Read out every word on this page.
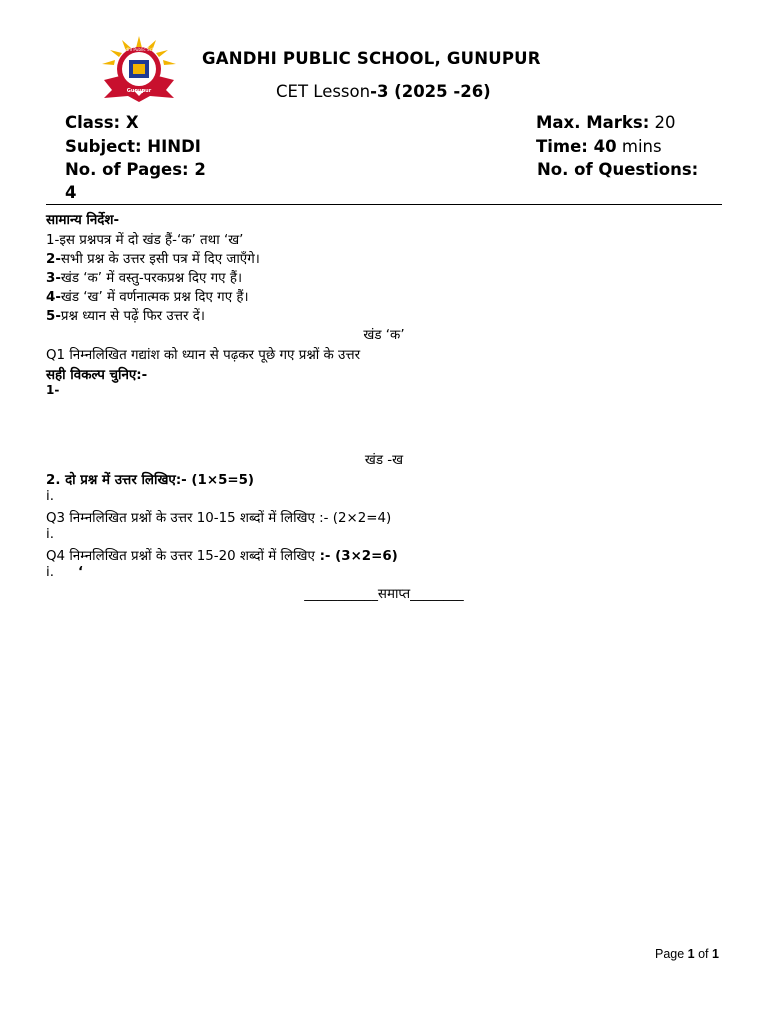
Gandhi Public School
Gunupur
GANDHI PUBLIC SCHOOL, GUNUPUR
CET Lesson-3 (2025 -26)
Class: X	Max. Marks: 20
Subject: HINDI	Time: 40 mins
No. of Pages: 2	No. of Questions:
4
सामान्य निर्देश-
1-इस प्रश्नपत्र में दो खंड हैं-‘क’ तथा ‘ख’
2-सभी प्रश्न के उत्तर इसी पत्र में दिए जाएँगे।
3-खंड ‘क’ में वस्तु-परकप्रश्न दिए गए हैं।
4-खंड ‘ख’ में वर्णनात्मक प्रश्न दिए गए हैं।
5-प्रश्न ध्यान से पढ़ें फिर उत्तर दें।
खंड ‘क’
Q1 निम्नलिखित गद्यांश को ध्यान से पढ़कर पूछे गए प्रश्नों के उत्तर
सही विकल्प चुनिए:-
1-
खंड -ख
2. दो प्रश्न में उत्तर लिखिए:- (1×5=5)
i.
Q3 निम्नलिखित प्रश्नों के उत्तर 10-15 शब्दों में लिखिए :- (2×2=4)
i.
Q4 निम्नलिखित प्रश्नों के उत्तर 15-20 शब्दों में लिखिए :- (3×2=6)
i. ‘
___________समाप्त________
Page 1 of 1
